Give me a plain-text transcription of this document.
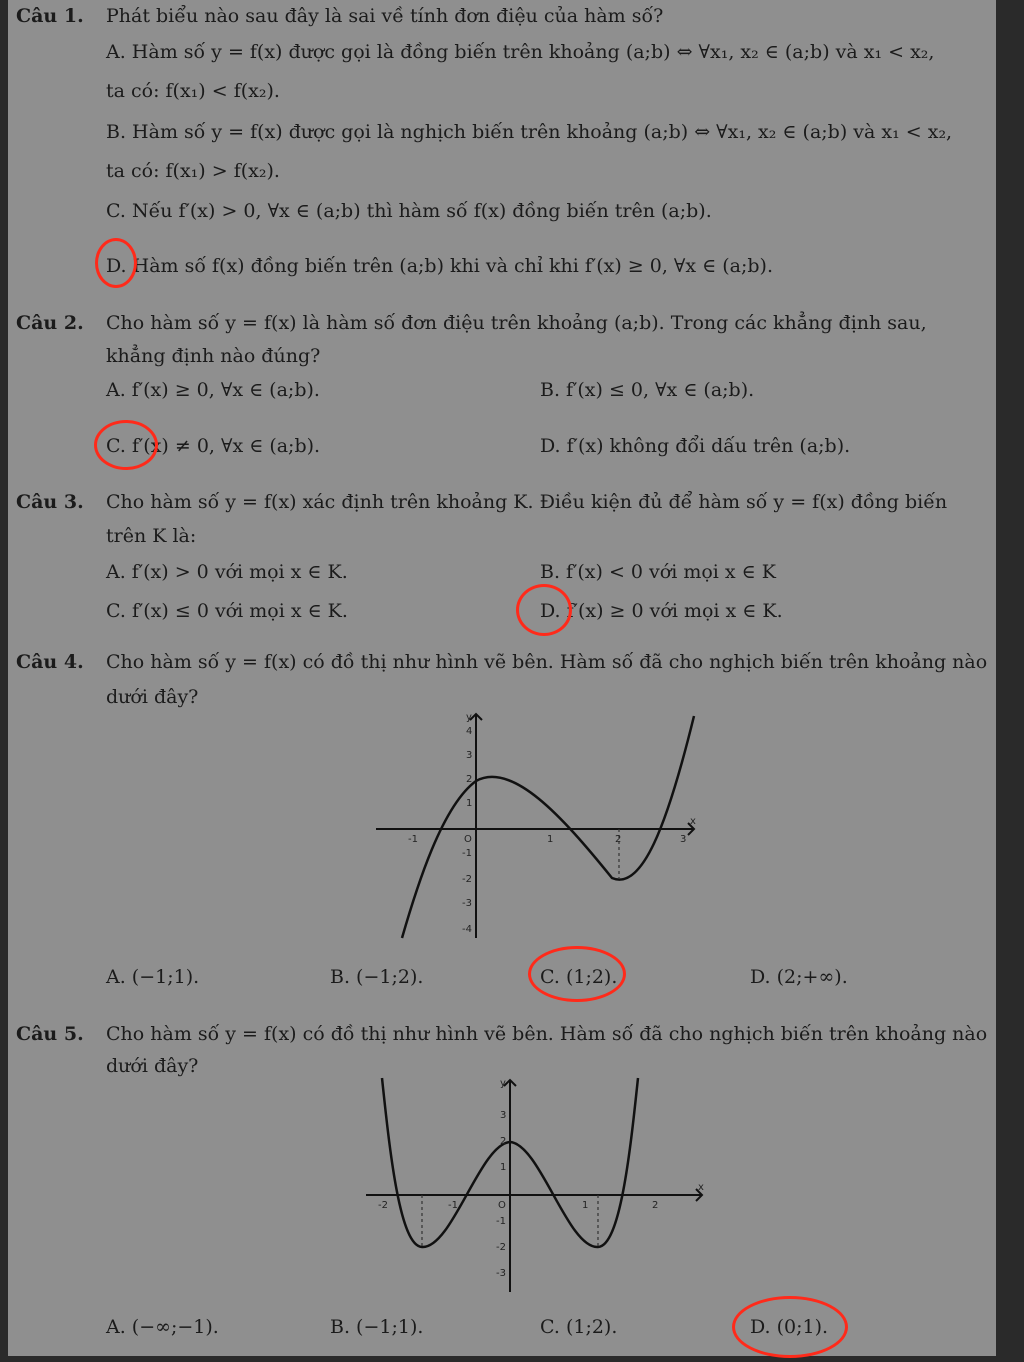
Câu 1. Phát biểu nào sau đây là sai về tính đơn điệu của hàm số?
A. Hàm số y = f(x) được gọi là đồng biến trên khoảng (a;b) ⇔ ∀x₁, x₂ ∈ (a;b) và x₁ < x₂,
ta có: f(x₁) < f(x₂).
B. Hàm số y = f(x) được gọi là nghịch biến trên khoảng (a;b) ⇔ ∀x₁, x₂ ∈ (a;b) và x₁ < x₂,
ta có: f(x₁) > f(x₂).
C. Nếu f′(x) > 0, ∀x ∈ (a;b) thì hàm số f(x) đồng biến trên (a;b).
D. Hàm số f(x) đồng biến trên (a;b) khi và chỉ khi f′(x) ≥ 0, ∀x ∈ (a;b).
Câu 2. Cho hàm số y = f(x) là hàm số đơn điệu trên khoảng (a;b). Trong các khẳng định sau,
khẳng định nào đúng?
A. f′(x) ≥ 0, ∀x ∈ (a;b).	B. f′(x) ≤ 0, ∀x ∈ (a;b).
C. f′(x) ≠ 0, ∀x ∈ (a;b).	D. f′(x) không đổi dấu trên (a;b).
Câu 3. Cho hàm số y = f(x) xác định trên khoảng K. Điều kiện đủ để hàm số y = f(x) đồng biến
trên K là:
A. f′(x) > 0 với mọi x ∈ K.	B. f′(x) < 0 với mọi x ∈ K
C. f′(x) ≤ 0 với mọi x ∈ K.	D. f′(x) ≥ 0 với mọi x ∈ K.
Câu 4. Cho hàm số y = f(x) có đồ thị như hình vẽ bên. Hàm số đã cho nghịch biến trên khoảng nào
dưới đây?
y
x
O
4
3
2
1
-1
-2
-3
-4
-1	1	2	3
A. (−1;1).	B. (−1;2).	C. (1;2).	D. (2;+∞).
Câu 5. Cho hàm số y = f(x) có đồ thị như hình vẽ bên. Hàm số đã cho nghịch biến trên khoảng nào
dưới đây?
y
x
O
3
2
1
-1
-2
-3
-2	-1	1	2
A. (−∞;−1).	B. (−1;1).	C. (1;2).	D. (0;1).
